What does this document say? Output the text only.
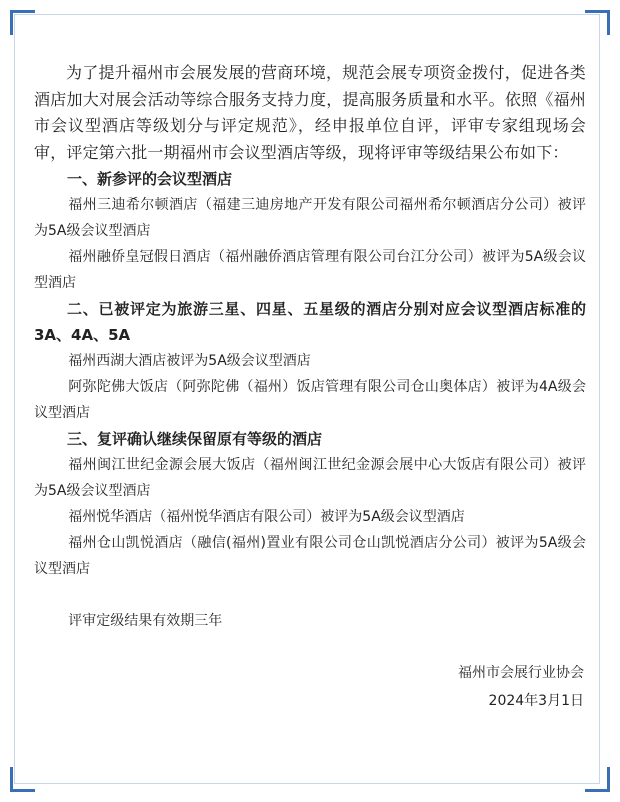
为了提升福州市会展发展的营商环境，规范会展专项资金拨付，促进各类酒店加大对展会活动等综合服务支持力度，提高服务质量和水平。依照《福州市会议型酒店等级划分与评定规范》，经申报单位自评，评审专家组现场会审，评定第六批一期福州市会议型酒店等级，现将评审等级结果公布如下：

一、新参评的会议型酒店

福州三迪希尔顿酒店（福建三迪房地产开发有限公司福州希尔顿酒店分公司）被评为5A级会议型酒店

福州融侨皇冠假日酒店（福州融侨酒店管理有限公司台江分公司）被评为5A级会议型酒店

二、已被评定为旅游三星、四星、五星级的酒店分别对应会议型酒店标准的3A、4A、5A

福州西湖大酒店被评为5A级会议型酒店

阿弥陀佛大饭店（阿弥陀佛（福州）饭店管理有限公司仓山奥体店）被评为4A级会议型酒店

三、复评确认继续保留原有等级的酒店

福州闽江世纪金源会展大饭店（福州闽江世纪金源会展中心大饭店有限公司）被评为5A级会议型酒店

福州悦华酒店（福州悦华酒店有限公司）被评为5A级会议型酒店

福州仓山凯悦酒店（融信(福州)置业有限公司仓山凯悦酒店分公司）被评为5A级会议型酒店

评审定级结果有效期三年

福州市会展行业协会
2024年3月1日
